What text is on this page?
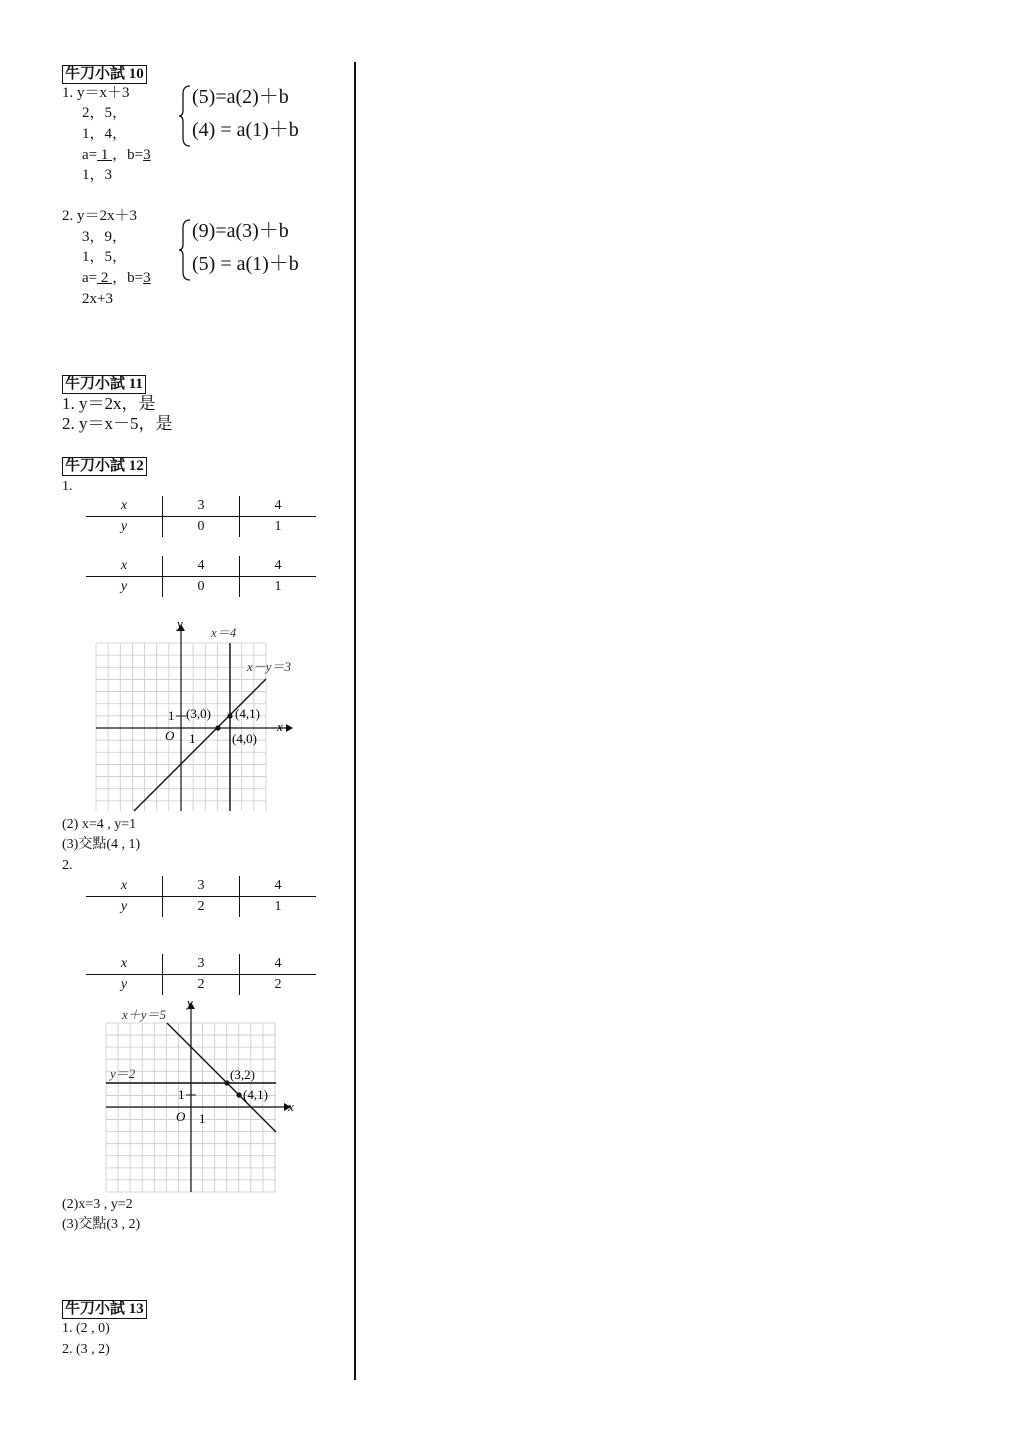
牛刀小試 10
1. y＝x＋3
2，5，
1，4，
a= 1 ，b=3
1，3
(5)=a(2)＋b
(4) = a(1)＋b
2. y＝2x＋3
3，9，
1，5，
a= 2 ，b=3
2x+3
(9)=a(3)＋b
(5) = a(1)＋b
牛刀小試 11
1. y＝2x，是
2. y＝x－5，是
牛刀小試 12
1.
x	3	4
y	0	1
x	4	4
y	0	1
y
x
x＝4
x－y＝3
O
1
1
(3,0) (4,1)
(4,0)
(2) x=4 , y=1
(3)交點(4 , 1)
2.
x	3	4
y	2	1
x	3	4
y	2	2
y
x
x＋y＝5
y＝2
O
1
1
(3,2)
(4,1)
(2)x=3 , y=2
(3)交點(3 , 2)
牛刀小試 13
1. (2 , 0)
2. (3 , 2)
